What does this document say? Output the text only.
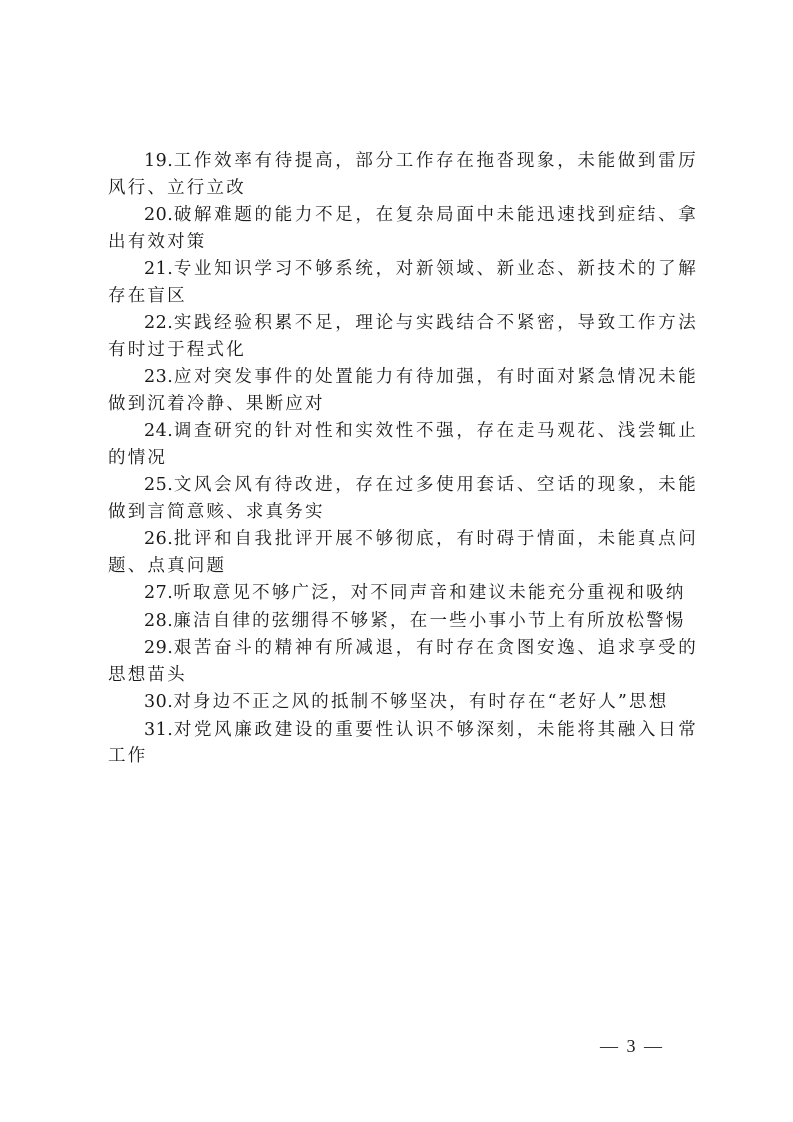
19.工作效率有待提高，部分工作存在拖沓现象，未能做到雷厉风行、立行立改

20.破解难题的能力不足，在复杂局面中未能迅速找到症结、拿出有效对策

21.专业知识学习不够系统，对新领域、新业态、新技术的了解存在盲区

22.实践经验积累不足，理论与实践结合不紧密，导致工作方法有时过于程式化

23.应对突发事件的处置能力有待加强，有时面对紧急情况未能做到沉着冷静、果断应对

24.调查研究的针对性和实效性不强，存在走马观花、浅尝辄止的情况

25.文风会风有待改进，存在过多使用套话、空话的现象，未能做到言简意赅、求真务实

26.批评和自我批评开展不够彻底，有时碍于情面，未能真点问题、点真问题

27.听取意见不够广泛，对不同声音和建议未能充分重视和吸纳

28.廉洁自律的弦绷得不够紧，在一些小事小节上有所放松警惕

29.艰苦奋斗的精神有所减退，有时存在贪图安逸、追求享受的思想苗头

30.对身边不正之风的抵制不够坚决，有时存在“老好人”思想

31.对党风廉政建设的重要性认识不够深刻，未能将其融入日常工作

— 3 —
